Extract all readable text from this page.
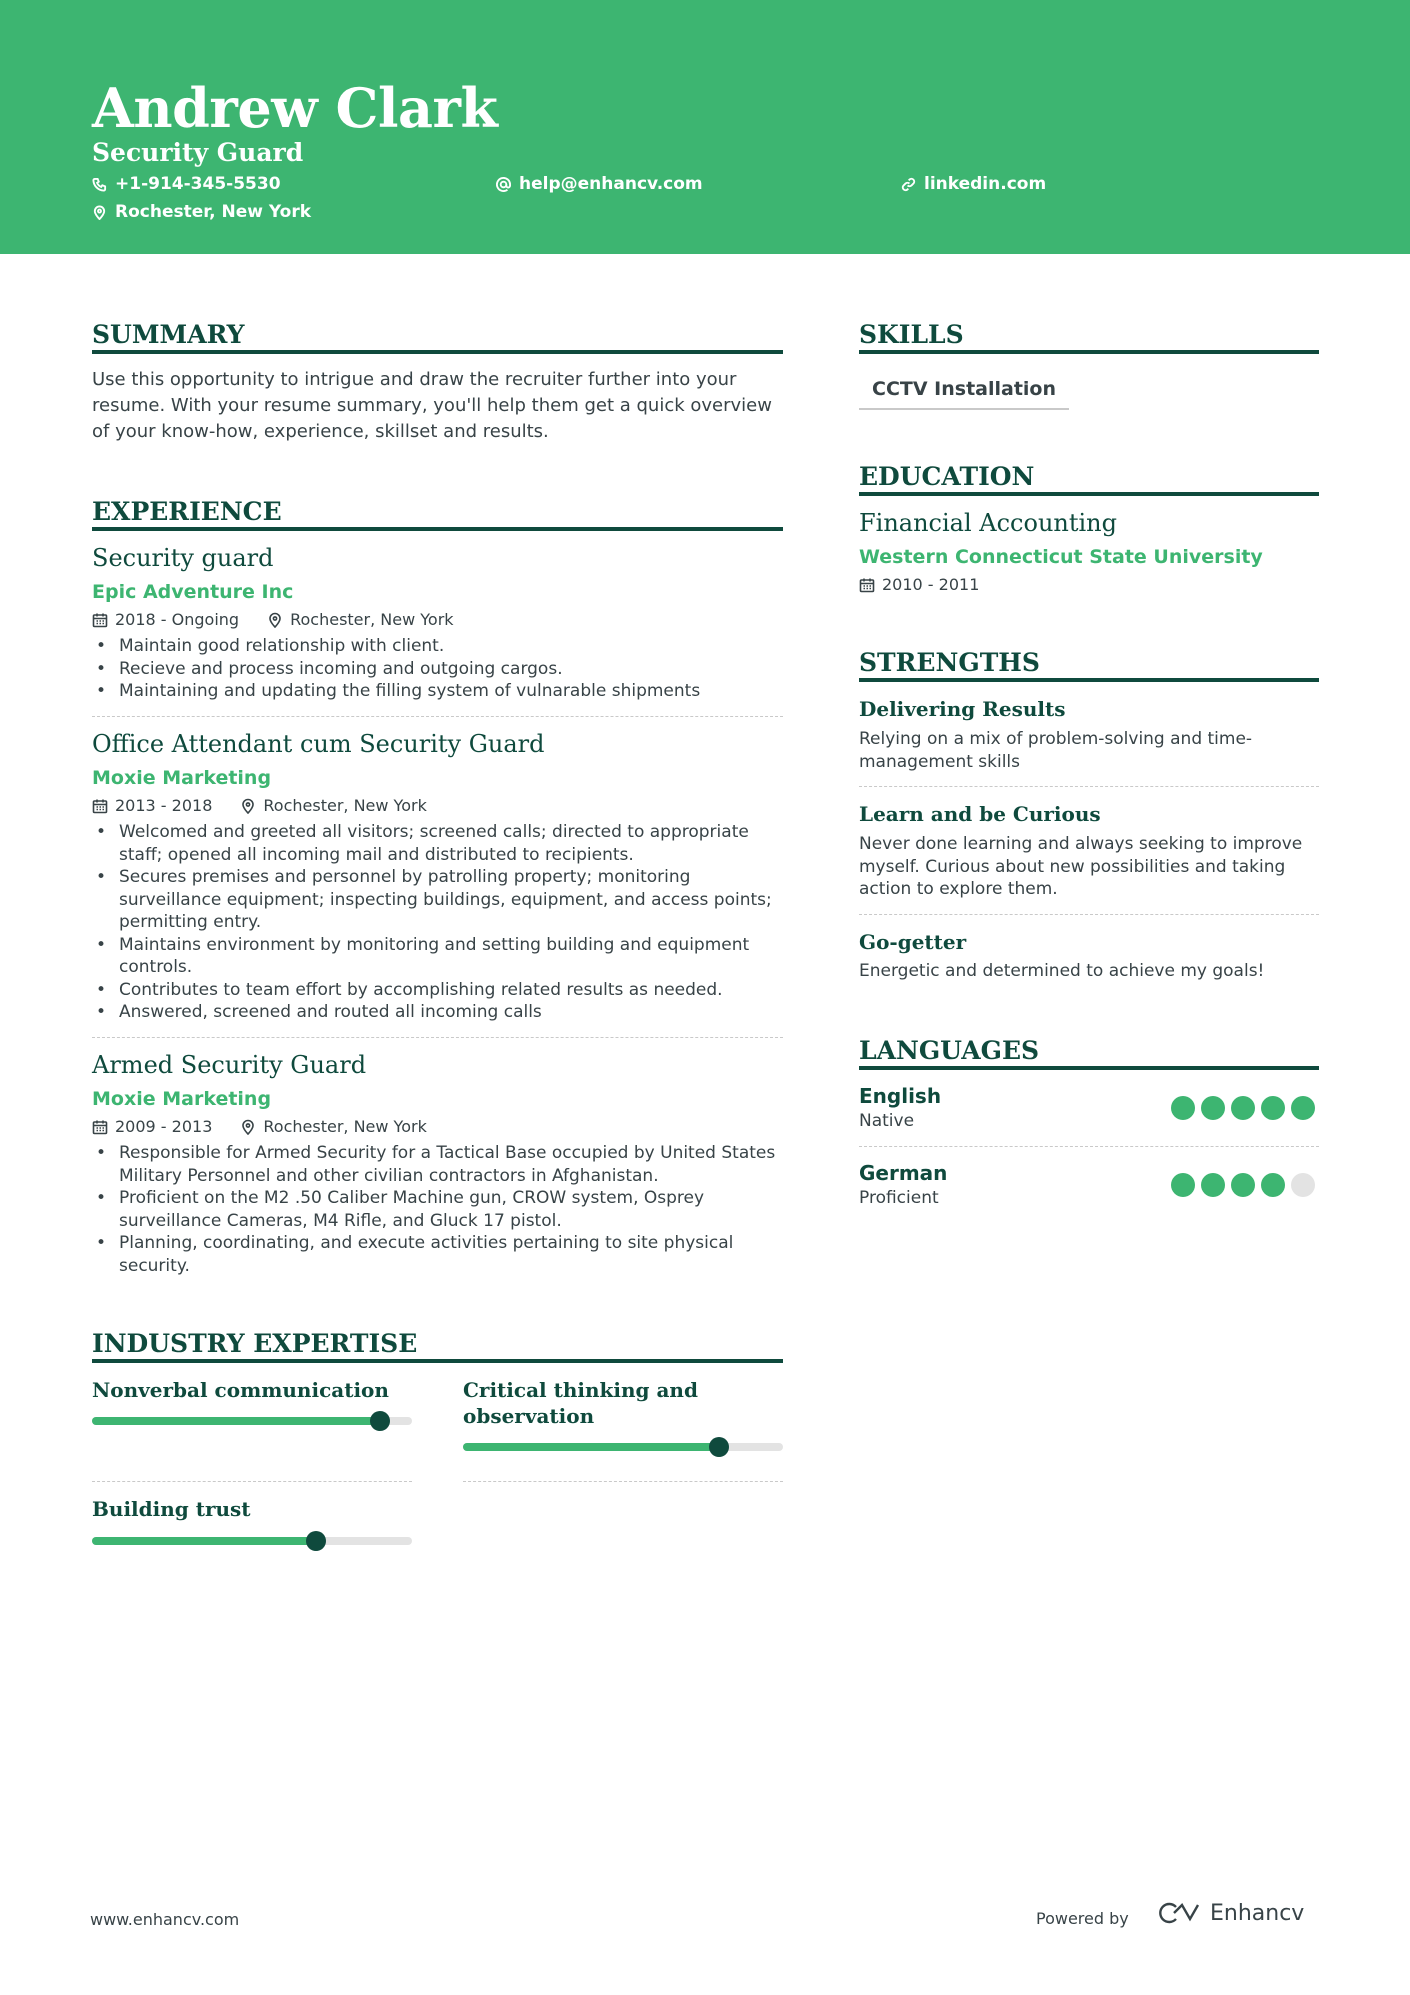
Andrew Clark
Security Guard
+1-914-345-5530	help@enhancv.com	linkedin.com
Rochester, New York
SUMMARY
Use this opportunity to intrigue and draw the recruiter further into your resume. With your resume summary, you'll help them get a quick overview of your know-how, experience, skillset and results.
EXPERIENCE
Security guard
Epic Adventure Inc
2018 - Ongoing	Rochester, New York
• Maintain good relationship with client.
• Recieve and process incoming and outgoing cargos.
• Maintaining and updating the filling system of vulnarable shipments
Office Attendant cum Security Guard
Moxie Marketing
2013 - 2018	Rochester, New York
• Welcomed and greeted all visitors; screened calls; directed to appropriate staff; opened all incoming mail and distributed to recipients.
• Secures premises and personnel by patrolling property; monitoring surveillance equipment; inspecting buildings, equipment, and access points; permitting entry.
• Maintains environment by monitoring and setting building and equipment controls.
• Contributes to team effort by accomplishing related results as needed.
• Answered, screened and routed all incoming calls
Armed Security Guard
Moxie Marketing
2009 - 2013	Rochester, New York
• Responsible for Armed Security for a Tactical Base occupied by United States Military Personnel and other civilian contractors in Afghanistan.
• Proficient on the M2 .50 Caliber Machine gun, CROW system, Osprey surveillance Cameras, M4 Rifle, and Gluck 17 pistol.
• Planning, coordinating, and execute activities pertaining to site physical security.
INDUSTRY EXPERTISE
Nonverbal communication	Critical thinking and observation
Building trust
SKILLS
CCTV Installation
EDUCATION
Financial Accounting
Western Connecticut State University
2010 - 2011
STRENGTHS
Delivering Results
Relying on a mix of problem-solving and time-management skills
Learn and be Curious
Never done learning and always seeking to improve myself. Curious about new possibilities and taking action to explore them.
Go-getter
Energetic and determined to achieve my goals!
LANGUAGES
English
Native
German
Proficient
www.enhancv.com	Powered by	Enhancv
